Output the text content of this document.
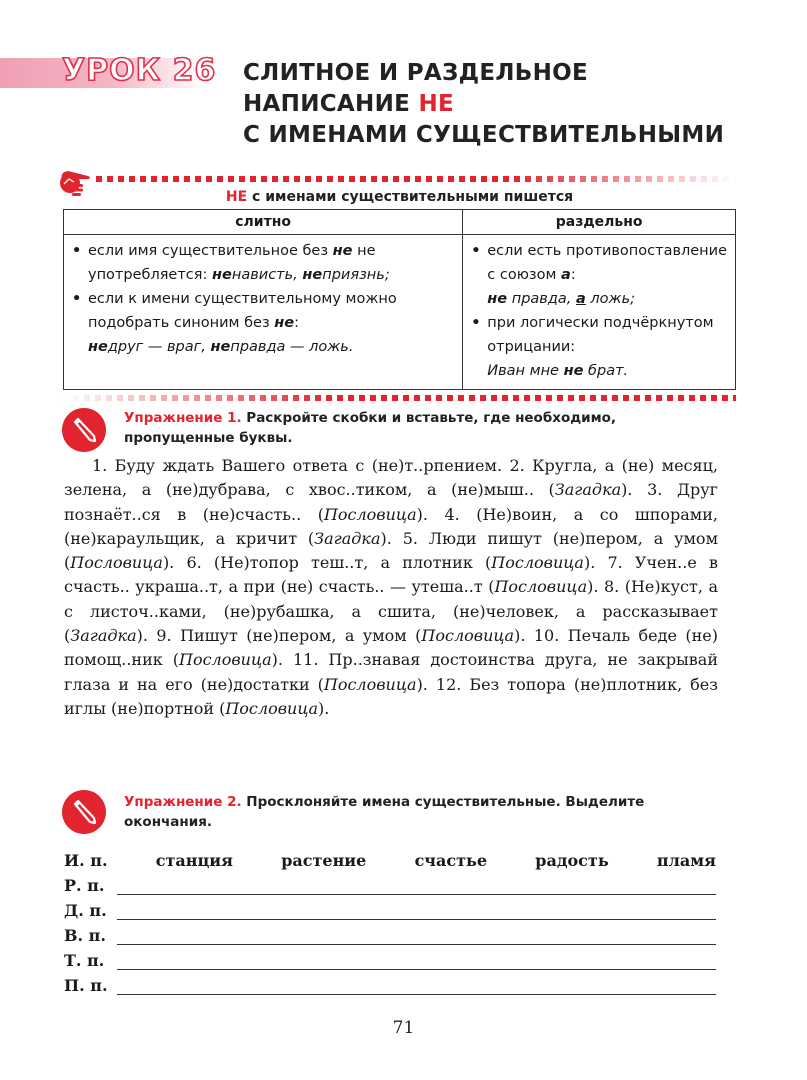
УРОК 26 СЛИТНОЕ И РАЗДЕЛЬНОЕ
НАПИСАНИЕ НЕ
С ИМЕНАМИ СУЩЕСТВИТЕЛЬНЫМИ
НЕ с именами существительными пишется
слитно	раздельно

• если имя существительное без не не употребляется: ненависть, неприязнь;
• если к имени существительному можно подобрать синоним без не:
недруг — враг, неправда — ложь.

• если есть противопоставление с союзом а:
не правда, а ложь;
• при логически подчёркнутом отрицании:
Иван мне не брат.
Упражнение 1. Раскройте скобки и вставьте, где необходимо, пропущенные буквы.

1. Буду ждать Вашего ответа с (не)т..рпением. 2. Кругла, а (не) месяц, зелена, а (не)дубрава, с хвос..тиком, а (не)мыш.. (Загадка). 3. Друг познаёт..ся в (не)счасть.. (Пословица). 4. (Не)воин, а со шпорами, (не)караульщик, а кричит (Загадка). 5. Люди пишут (не)пером, а умом (Пословица). 6. (Не)топор теш..т, а плотник (Пословица). 7. Учен..е в счасть.. украша..т, а при (не) счасть.. — утеша..т (Пословица). 8. (Не)куст, а с листоч..ками, (не)рубашка, а сшита, (не)человек, а рассказывает (Загадка). 9. Пишут (не)пером, а умом (Пословица). 10. Печаль беде (не) помощ..ник (Пословица). 11. Пр..знавая достоинства друга, не закрывай глаза и на его (не)достатки (Пословица). 12. Без топора (не)плотник, без иглы (не)портной (Пословица).

Упражнение 2. Просклоняйте имена существительные. Выделите окончания.
И. п.	станция	растение	счастье	радость	пламя
Р. п.
Д. п.
В. п.
Т. п.
П. п.
71
